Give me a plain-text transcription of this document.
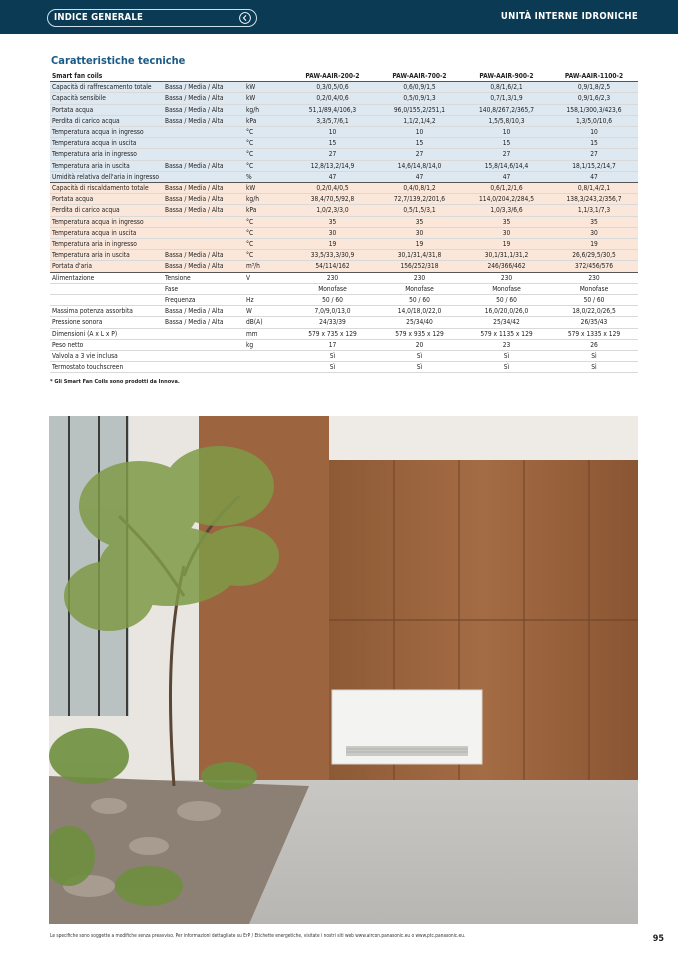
INDICE GENERALE	UNITÀ INTERNE IDRONICHE
Caratteristiche tecniche
Smart fan coils			PAW-AAIR-200-2	PAW-AAIR-700-2	PAW-AAIR-900-2	PAW-AAIR-1100-2
Capacità di raffrescamento totale	Bassa / Media / Alta	kW	0,3/0,5/0,6	0,6/0,9/1,5	0,8/1,6/2,1	0,9/1,8/2,5
Capacità sensibile	Bassa / Media / Alta	kW	0,2/0,4/0,6	0,5/0,9/1,3	0,7/1,3/1,9	0,9/1,6/2,3
Portata acqua	Bassa / Media / Alta	kg/h	51,1/89,4/106,3	96,0/155,2/251,1	140,8/267,2/365,7	158,1/300,3/423,6
Perdita di carico acqua	Bassa / Media / Alta	kPa	3,3/5,7/6,1	1,1/2,1/4,2	1,5/5,8/10,3	1,3/5,0/10,6
Temperatura acqua in ingresso		°C	10	10	10	10
Temperatura acqua in uscita		°C	15	15	15	15
Temperatura aria in ingresso		°C	27	27	27	27
Temperatura aria in uscita	Bassa / Media / Alta	°C	12,8/13,2/14,9	14,6/14,8/14,0	15,8/14,6/14,4	18,1/15,2/14,7
Umidità relativa dell'aria in ingresso		%	47	47	47	47
Capacità di riscaldamento totale	Bassa / Media / Alta	kW	0,2/0,4/0,5	0,4/0,8/1,2	0,6/1,2/1,6	0,8/1,4/2,1
Portata acqua	Bassa / Media / Alta	kg/h	38,4/70,5/92,8	72,7/139,2/201,6	114,0/204,2/284,5	138,3/243,2/356,7
Perdita di carico acqua	Bassa / Media / Alta	kPa	1,0/2,3/3,0	0,5/1,5/3,1	1,0/3,3/6,6	1,1/3,1/7,3
Temperatura acqua in ingresso		°C	35	35	35	35
Temperatura acqua in uscita		°C	30	30	30	30
Temperatura aria in ingresso		°C	19	19	19	19
Temperatura aria in uscita	Bassa / Media / Alta	°C	33,5/33,3/30,9	30,1/31,4/31,8	30,1/31,1/31,2	26,6/29,5/30,5
Portata d'aria	Bassa / Media / Alta	m³/h	54/114/162	156/252/318	246/366/462	372/456/576
Alimentazione	Tensione	V	230	230	230	230
	Fase		Monofase	Monofase	Monofase	Monofase
	Frequenza	Hz	50 / 60	50 / 60	50 / 60	50 / 60
Massima potenza assorbita	Bassa / Media / Alta	W	7,0/9,0/13,0	14,0/18,0/22,0	16,0/20,0/26,0	18,0/22,0/26,5
Pressione sonora	Bassa / Media / Alta	dB(A)	24/33/39	25/34/40	25/34/42	26/35/43
Dimensioni (A x L x P)		mm	579 x 735 x 129	579 x 935 x 129	579 x 1135 x 129	579 x 1335 x 129
Peso netto		kg	17	20	23	26
Valvola a 3 vie inclusa			Sì	Sì	Sì	Sì
Termostato touchscreen			Sì	Sì	Sì	Sì
* Gli Smart Fan Coils sono prodotti da Innova.
Le specifiche sono soggette a modifiche senza preavviso. Per informazioni dettagliate su ErP / Etichette energetiche, visitate i nostri siti web www.aircon.panasonic.eu o www.ptc.panasonic.eu.	95
